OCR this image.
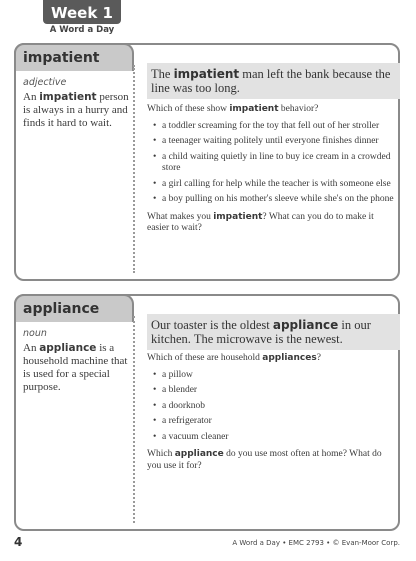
Week 1
A Word a Day
impatient
adjective
An impatient person is always in a hurry and finds it hard to wait.
The impatient man left the bank because the line was too long.
Which of these show impatient behavior?
• a toddler screaming for the toy that fell out of her stroller
• a teenager waiting politely until everyone finishes dinner
• a child waiting quietly in line to buy ice cream in a crowded store
• a girl calling for help while the teacher is with someone else
• a boy pulling on his mother's sleeve while she's on the phone
What makes you impatient? What can you do to make it easier to wait?
appliance
noun
An appliance is a household machine that is used for a special purpose.
Our toaster is the oldest appliance in our kitchen. The microwave is the newest.
Which of these are household appliances?
• a pillow
• a blender
• a doorknob
• a refrigerator
• a vacuum cleaner
Which appliance do you use most often at home? What do you use it for?
4	A Word a Day • EMC 2793 • © Evan-Moor Corp.
